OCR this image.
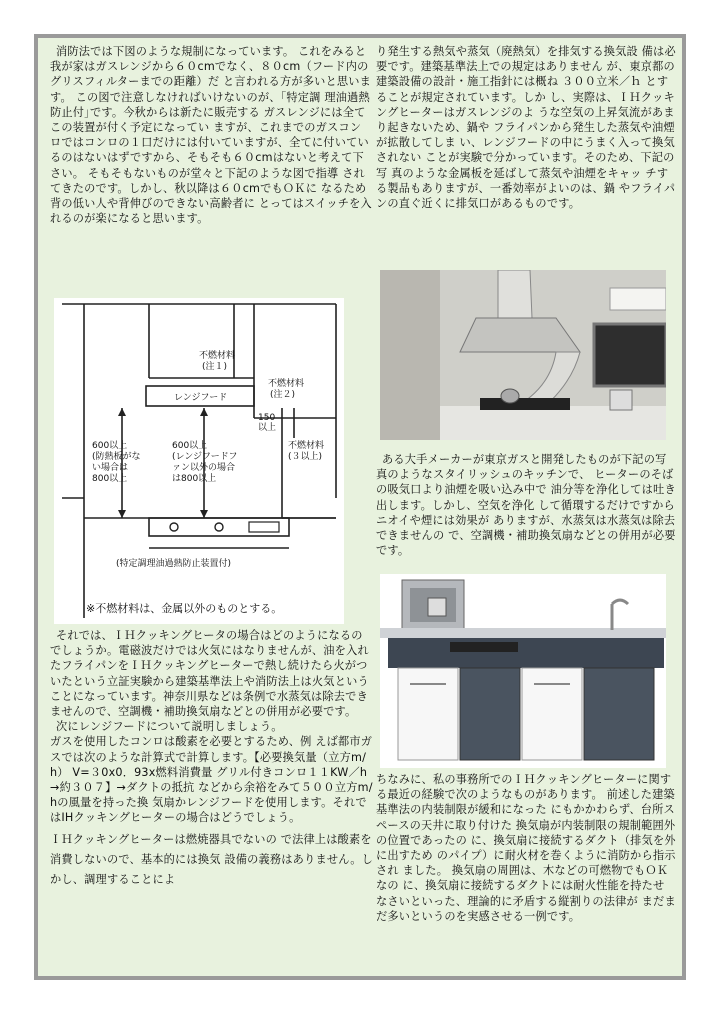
消防法では下図のような規制になっています。 これをみると我が家はガスレンジから６０cmでなく、８０cm（フード内のグリスフィルターまでの距離）だ と言われる方が多いと思います。 この図で注意しなければいけないのが、｢特定調 理油過熱防止付｣です。今秋からは新たに販売する ガスレンジには全てこの装置が付く予定になってい ますが、これまでのガスコンロではコンロの１口だけには付いていますが、全てに付いているのはないはずですから、そもそも６０cmはないと考えて下さい。 そもそもないものが堂々と下記のような図で指導 されてきたのです。しかし、秋以降は６０cmでもＯＫに なるため背の低い人や背伸びのできない高齢者に とってはスイッチを入れるのが楽になると思います。

不燃材料
(注１)
不燃材料
(注２)
レンジフード
150
以上
不燃材料
(３以上)
600以上
(防熱板がな
い場合は
800以上
600以上
(レンジフードフ
ァン以外の場合
は800以上
(特定調理油過熱防止装置付)
※不燃材料は、金属以外のものとする。

それでは、ＩＨクッキングヒータの場合はどのようになるのでしょうか。電磁波だけでは火気にはなりませんが、油を入れたフライパンをＩＨクッキングヒーターで熱し続けたら火がついたという立証実験から建築基準法上や消防法上は火気ということになっています。神奈川県などは条例で水蒸気は除去できませんので、空調機・補助換気扇などとの併用が必要です。

次にレンジフードについて説明しましょう。

ガスを使用したコンロは酸素を必要とするため、例 えば都市ガスでは次のような計算式で計算します。【必要換気量（立方m/h） V=３0x0．93x燃料消費量 グリル付きコンロ１１KW／h→約３０７】→ダクトの抵抗 などから余裕をみて５００立方m/hの風量を持った換 気扇かレンジフードを使用します。それではIHクッキングヒーターの場合はどうでしょう。

ＩＨクッキングヒーターは燃焼器具でないの で法律上は酸素を消費しないので、基本的には換気 設備の義務はありません。しかし、調理することによ

り発生する熱気や蒸気（廃熱気）を排気する換気設 備は必要です。建築基準法上での規定はありません が、東京都の建築設備の設計・施工指針には概ね ３００立米／ｈ とすることが規定されています。しか し、実際は、ＩＨクッキングヒーターはガスレンジのよ うな空気の上昇気流があまり起きないため、鍋や フライパンから発生した蒸気や油煙が拡散してしま い、レンジフードの中にうまく入って換気されない ことが実験で分かっています。そのため、下記の写 真のような金属板を延ばして蒸気や油煙をキャッ チする製品もありますが、一番効率がよいのは、鍋 やフライパンの直ぐ近くに排気口があるものです。

ある大手メーカーが東京ガスと開発したものが下記の写真のようなスタイリッシュのキッチンで、 ヒーターのそばの吸気口より油煙を吸い込み中で 油分等を浄化しては吐き出します。しかし、空気を浄化 して循環するだけですからニオイや煙には効果が ありますが、水蒸気は水蒸気は除去できませんの で、空調機・補助換気扇などとの併用が必要です。

ちなみに、私の事務所でのＩＨクッキングヒーターに関する最近の経験で次のようなものがあります。 前述した建築基準法の内装制限が緩和になった にもかかわらず、台所スペースの天井に取り付けた 換気扇が内装制限の規制範囲外の位置であったの に、換気扇に接続するダクト（排気を外に出すため のパイプ）に耐火材を巻くように消防から指示され ました。 換気扇の周囲は、木などの可燃物でもＯＫなの に、換気扇に接続するダクトには耐火性能を持たせ なさいといった、理論的に矛盾する縦割りの法律が まだまだ多いというのを実感させる一例です。
